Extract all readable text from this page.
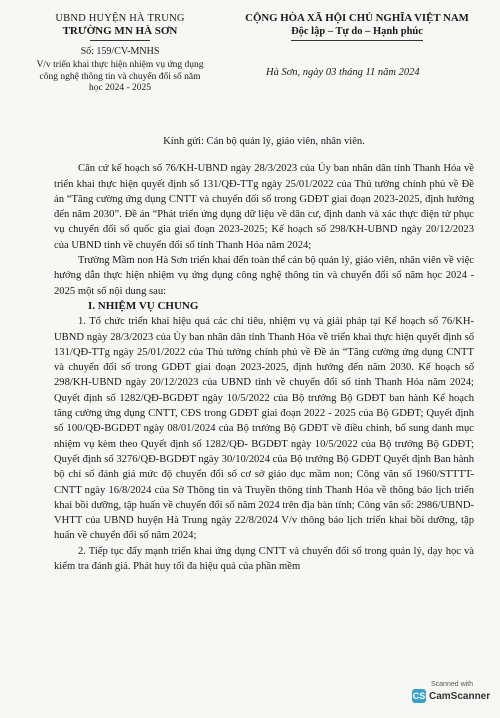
UBND HUYỆN HÀ TRUNG
TRƯỜNG MN HÀ SƠN
Số: 159/CV-MNHS
V/v triển khai thực hiện nhiệm vụ ứng dụng công nghệ thông tin và chuyển đổi số năm học 2024 - 2025
CỘNG HÒA XÃ HỘI CHỦ NGHĨA VIỆT NAM
Độc lập – Tự do – Hạnh phúc
Hà Sơn, ngày 03 tháng 11 năm 2024

Kính gửi: Cán bộ quản lý, giáo viên, nhân viên.

Căn cứ kế hoạch số 76/KH-UBND ngày 28/3/2023 của Ủy ban nhân dân tỉnh Thanh Hóa về triển khai thực hiện quyết định số 131/QĐ-TTg ngày 25/01/2022 của Thủ tướng chính phủ về Đề án “Tăng cường ứng dụng CNTT và chuyển đổi số trong GDĐT giai đoạn 2023-2025, định hướng đến năm 2030”. Đề án “Phát triển ứng dụng dữ liệu về dân cư, định danh và xác thực điện tử phục vụ chuyển đổi số quốc gia giai đoạn 2023-2025; Kế hoạch số 298/KH-UBND ngày 20/12/2023 của UBND tỉnh về chuyển đổi số tỉnh Thanh Hóa năm 2024;

Trường Mầm non Hà Sơn triển khai đến toàn thể cán bộ quản lý, giáo viên, nhân viên về việc hướng dẫn thực hiện nhiệm vụ ứng dụng công nghệ thông tin và chuyển đổi số năm học 2024 - 2025 một số nội dung sau:

I. NHIỆM VỤ CHUNG

1. Tổ chức triển khai hiệu quả các chỉ tiêu, nhiệm vụ và giải pháp tại Kế hoạch số 76/KH-UBND ngày 28/3/2023 của Ủy ban nhân dân tỉnh Thanh Hóa về triển khai thực hiện quyết định số 131/QĐ-TTg ngày 25/01/2022 của Thủ tướng chính phủ về Đề án “Tăng cường ứng dụng CNTT và chuyển đổi số trong GDĐT giai đoạn 2023-2025, định hướng đến năm 2030. Kế hoạch số 298/KH-UBND ngày 20/12/2023 của UBND tỉnh về chuyển đổi số tỉnh Thanh Hóa năm 2024; Quyết định số 1282/QĐ-BGDĐT ngày 10/5/2022 của Bộ trưởng Bộ GDĐT ban hành Kế hoạch tăng cường ứng dụng CNTT, CĐS trong GDĐT giai đoạn 2022 - 2025 của Bộ GDĐT; Quyết định số 100/QĐ-BGDĐT ngày 08/01/2024 của Bộ trưởng Bộ GDĐT về điều chỉnh, bổ sung danh mục nhiệm vụ kèm theo Quyết định số 1282/QĐ- BGDĐT ngày 10/5/2022 của Bộ trưởng Bộ GDĐT; Quyết định số 3276/QĐ-BGDĐT ngày 30/10/2024 của Bộ trưởng Bộ GDĐT Quyết định Ban hành bộ chỉ số đánh giá mức độ chuyển đổi số cơ sở giáo dục mầm non; Công văn số 1960/STTTT-CNTT ngày 16/8/2024 của Sở Thông tin và Truyền thông tỉnh Thanh Hóa về thông báo lịch triển khai bồi dưỡng, tập huấn về chuyển đổi số năm 2024 trên địa bàn tỉnh; Công văn số: 2986/UBND-VHTT của UBND huyện Hà Trung ngày 22/8/2024 V/v thông báo lịch triển khai bồi dưỡng, tập huấn về chuyển đổi số năm 2024;

2. Tiếp tục đẩy mạnh triển khai ứng dụng CNTT và chuyển đổi số trong quản lý, dạy học và kiểm tra đánh giá. Phát huy tối đa hiệu quả của phần mềm

Scanned with
CS CamScanner
